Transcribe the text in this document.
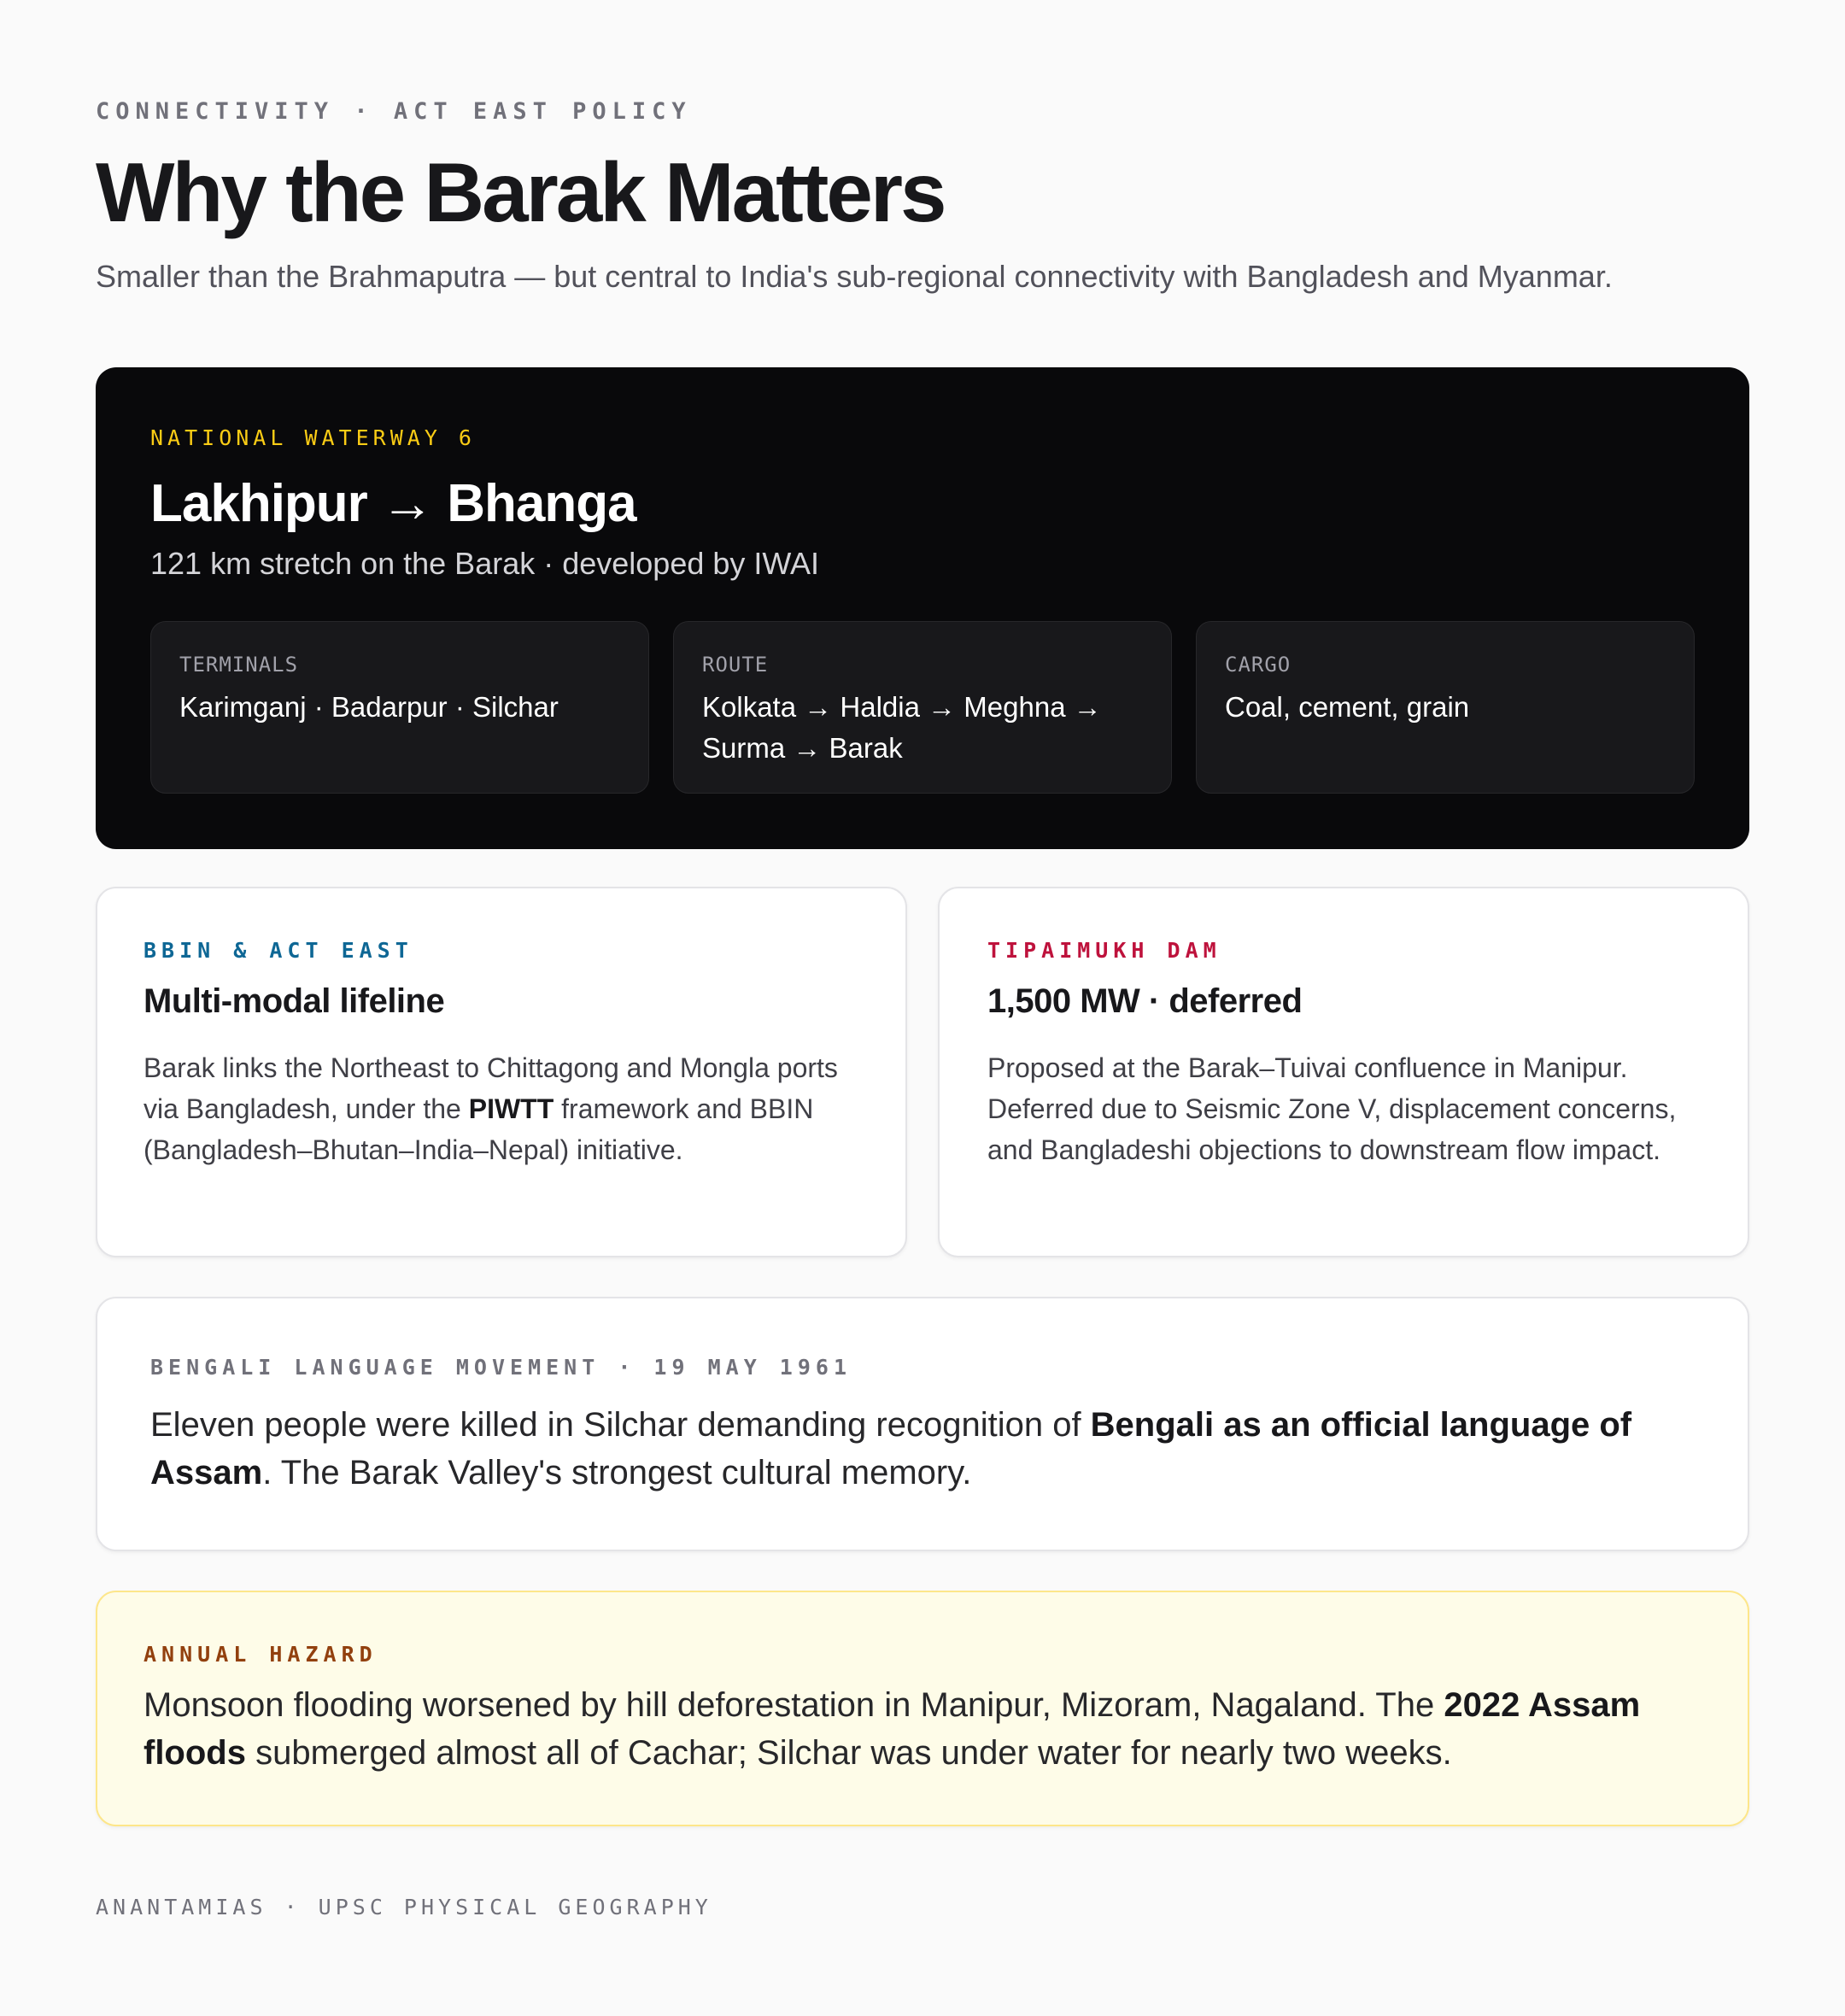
CONNECTIVITY · ACT EAST POLICY
Why the Barak Matters
Smaller than the Brahmaputra — but central to India's sub-regional connectivity with Bangladesh and Myanmar.
NATIONAL WATERWAY 6
Lakhipur → Bhanga
121 km stretch on the Barak · developed by IWAI
TERMINALS
Karimganj · Badarpur · Silchar
ROUTE
Kolkata → Haldia → Meghna → Surma → Barak
CARGO
Coal, cement, grain
BBIN & ACT EAST
Multi-modal lifeline
Barak links the Northeast to Chittagong and Mongla ports via Bangladesh, under the PIWTT framework and BBIN (Bangladesh–Bhutan–India–Nepal) initiative.
TIPAIMUKH DAM
1,500 MW · deferred
Proposed at the Barak–Tuivai confluence in Manipur. Deferred due to Seismic Zone V, displacement concerns, and Bangladeshi objections to downstream flow impact.
BENGALI LANGUAGE MOVEMENT · 19 MAY 1961
Eleven people were killed in Silchar demanding recognition of Bengali as an official language of Assam. The Barak Valley's strongest cultural memory.
ANNUAL HAZARD
Monsoon flooding worsened by hill deforestation in Manipur, Mizoram, Nagaland. The 2022 Assam floods submerged almost all of Cachar; Silchar was under water for nearly two weeks.
ANANTAMIAS · UPSC PHYSICAL GEOGRAPHY
